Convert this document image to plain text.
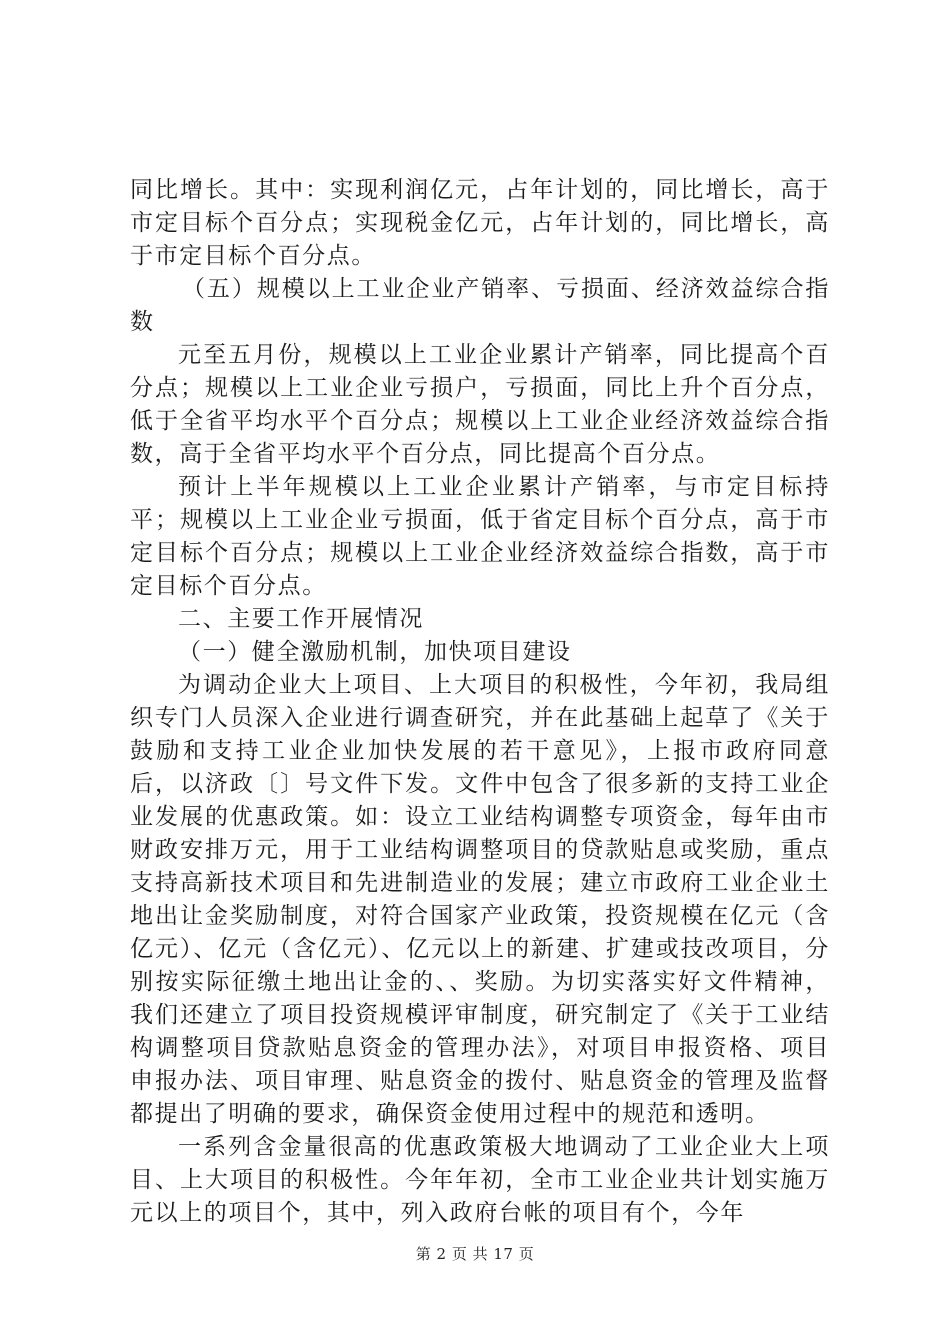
同比增长。其中：实现利润亿元，占年计划的，同比增长，高于市定目标个百分点；实现税金亿元，占年计划的，同比增长，高于市定目标个百分点。

（五）规模以上工业企业产销率、亏损面、经济效益综合指数

元至五月份，规模以上工业企业累计产销率，同比提高个百分点；规模以上工业企业亏损户，亏损面，同比上升个百分点，低于全省平均水平个百分点；规模以上工业企业经济效益综合指数，高于全省平均水平个百分点，同比提高个百分点。

预计上半年规模以上工业企业累计产销率，与市定目标持平；规模以上工业企业亏损面，低于省定目标个百分点，高于市定目标个百分点；规模以上工业企业经济效益综合指数，高于市定目标个百分点。

二、主要工作开展情况

（一）健全激励机制，加快项目建设

为调动企业大上项目、上大项目的积极性，今年初，我局组织专门人员深入企业进行调查研究，并在此基础上起草了《关于鼓励和支持工业企业加快发展的若干意见》，上报市政府同意后，以济政〔〕号文件下发。文件中包含了很多新的支持工业企业发展的优惠政策。如：设立工业结构调整专项资金，每年由市财政安排万元，用于工业结构调整项目的贷款贴息或奖励，重点支持高新技术项目和先进制造业的发展；建立市政府工业企业土地出让金奖励制度，对符合国家产业政策，投资规模在亿元（含亿元）、亿元（含亿元）、亿元以上的新建、扩建或技改项目，分别按实际征缴土地出让金的、、奖励。为切实落实好文件精神，我们还建立了项目投资规模评审制度，研究制定了《关于工业结构调整项目贷款贴息资金的管理办法》，对项目申报资格、项目申报办法、项目审理、贴息资金的拨付、贴息资金的管理及监督都提出了明确的要求，确保资金使用过程中的规范和透明。

一系列含金量很高的优惠政策极大地调动了工业企业大上项目、上大项目的积极性。今年年初，全市工业企业共计划实施万元以上的项目个，其中，列入政府台帐的项目有个，今年

第 2 页 共 17 页
